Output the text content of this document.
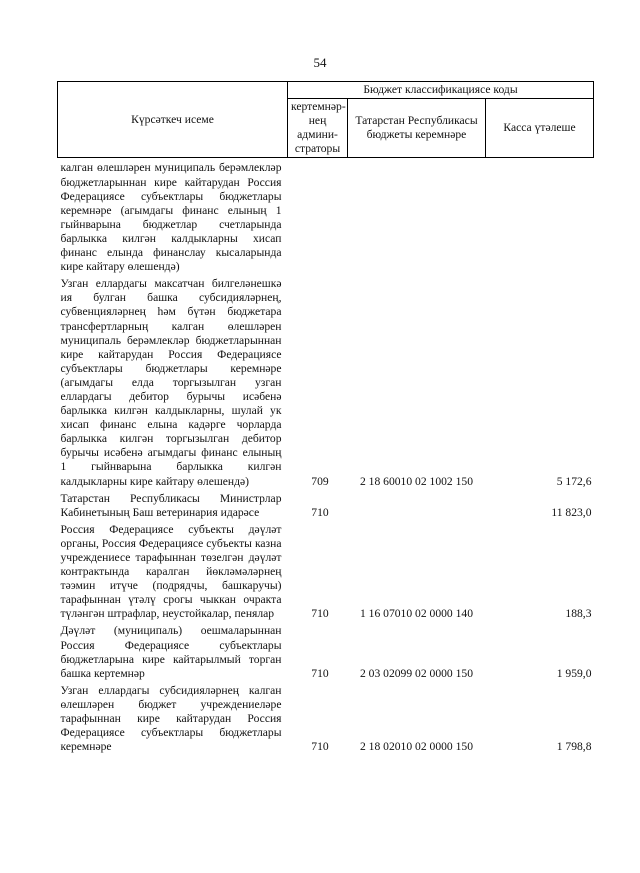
54
Күрсәткеч исеме	Бюджет классификациясе коды		
	кертемнәр-нең админи-страторы	Татарстан Республикасы бюджеты керемнәре	Касса үтәлеше
калган өлешләрен муниципаль берәмлекләр бюджетларыннан кире кайтарудан Россия Федерациясе субъектлары бюджетлары керемнәре (агымдагы финанс елының 1 гыйнварына бюджетлар счетларында барлыкка килгән калдыкларны хисап финанс елында финанслау кысаларында кире кайтару өлешендә)			
Узган еллардагы максатчан билгеләнешкә ия булган башка субсидияләрнең, субвенцияләрнең һәм бүтән бюджетара трансфертларның калган өлешләрен муниципаль берәмлекләр бюджетларыннан кире кайтарудан Россия Федерациясе субъектлары бюджетлары керемнәре (агымдагы елда торгызылган узган еллардагы дебитор бурычы исәбенә барлыкка килгән калдыкларны, шулай ук хисап финанс елына кадәрге чорларда барлыкка килгән торгызылган дебитор бурычы исәбенә агымдагы финанс елының 1 гыйнварына барлыкка килгән калдыкларны кире кайтару өлешендә)	709	2 18 60010 02 1002 150	5 172,6
Татарстан Республикасы Министрлар Кабинетының Баш ветеринария идарәсе	710		11 823,0
Россия Федерациясе субъекты дәүләт органы, Россия Федерациясе субъекты казна учреждениесе тарафыннан төзелгән дәүләт контрактында каралган йөкләмәләрнең тәэмин итүче (подрядчы, башкаручы) тарафыннан үтәлү срогы чыккан очракта түләнгән штрафлар, неустойкалар, пенялар	710	1 16 07010 02 0000 140	188,3
Дәүләт (муниципаль) оешмаларыннан Россия Федерациясе субъектлары бюджетларына кире кайтарылмый торган башка кертемнәр	710	2 03 02099 02 0000 150	1 959,0
Узган еллардагы субсидияләрнең калган өлешләрен бюджет учреждениеләре тарафыннан кире кайтарудан Россия Федерациясе субъектлары бюджетлары керемнәре	710	2 18 02010 02 0000 150	1 798,8
